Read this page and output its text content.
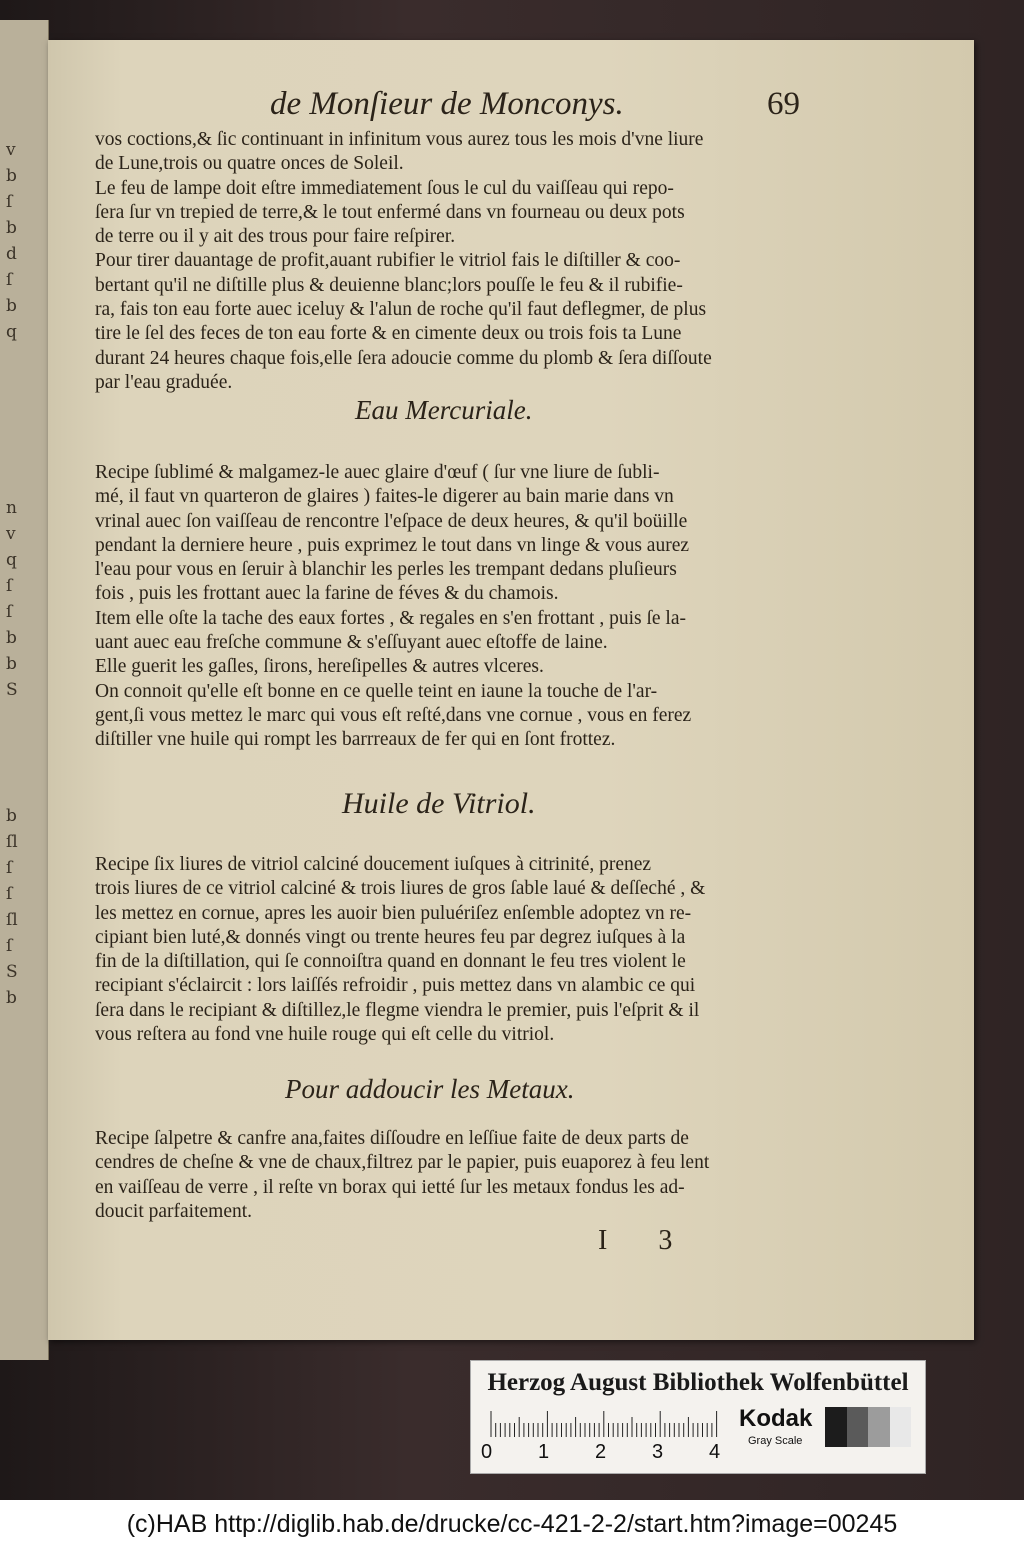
v
b
ſ
b
d
ſ
b
q
n
v
q
ſ
ſ
b
b
S
b
ſl
ſ
ſ
ſl
ſ
S
b
de Monſieur de Monconys.	69

vos coctions,& ſic continuant in infinitum vous aurez tous les mois d'vne liure

de Lune,trois ou quatre onces de Soleil.

Le feu de lampe doit eſtre immediatement ſous le cul du vaiſſeau qui repo-

ſera ſur vn trepied de terre,& le tout enfermé dans vn fourneau ou deux pots

de terre ou il y ait des trous pour faire reſpirer.

Pour tirer dauantage de profit,auant rubifier le vitriol fais le diſtiller & coo-

bertant qu'il ne diſtille plus & deuienne blanc;lors pouſſe le feu & il rubifie-

ra, fais ton eau forte auec iceluy & l'alun de roche qu'il faut deflegmer, de plus

tire le ſel des feces de ton eau forte & en cimente deux ou trois fois ta Lune

durant 24 heures chaque fois,elle ſera adoucie comme du plomb & ſera diſſoute

par l'eau graduée.

Eau Mercuriale.

Recipe ſublimé & malgamez-le auec glaire d'œuf ( ſur vne liure de ſubli-

mé, il faut vn quarteron de glaires ) faites-le digerer au bain marie dans vn

vrinal auec ſon vaiſſeau de rencontre l'eſpace de deux heures, & qu'il boüille

pendant la derniere heure , puis exprimez le tout dans vn linge & vous aurez

l'eau pour vous en ſeruir à blanchir les perles les trempant dedans pluſieurs

fois , puis les frottant auec la farine de féves & du chamois.

Item elle oſte la tache des eaux fortes , & regales en s'en frottant , puis ſe la-

uant auec eau freſche commune & s'eſſuyant auec eſtoffe de laine.

Elle guerit les gaſles, ſirons, hereſipelles & autres vlceres.

On connoit qu'elle eſt bonne en ce quelle teint en iaune la touche de l'ar-

gent,ſi vous mettez le marc qui vous eſt reſté,dans vne cornue , vous en ferez

diſtiller vne huile qui rompt les barrreaux de fer qui en ſont frottez.

Huile de Vitriol.

Recipe ſix liures de vitriol calciné doucement iuſques à citrinité, prenez

trois liures de ce vitriol calciné & trois liures de gros ſable laué & deſſeché , &

les mettez en cornue, apres les auoir bien puluériſez enſemble adoptez vn re-

cipiant bien luté,& donnés vingt ou trente heures feu par degrez iuſques à la

fin de la diſtillation, qui ſe connoiſtra quand en donnant le feu tres violent le

recipiant s'éclaircit : lors laiſſés refroidir , puis mettez dans vn alambic ce qui

ſera dans le recipiant & diſtillez,le flegme viendra le premier, puis l'eſprit & il

vous reſtera au fond vne huile rouge qui eſt celle du vitriol.

Pour addoucir les Metaux.

Recipe ſalpetre & canfre ana,faites diſſoudre en leſſiue faite de deux parts de

cendres de cheſne & vne de chaux,filtrez par le papier, puis euaporez à feu lent

en vaiſſeau de verre , il reſte vn borax qui ietté ſur les metaux fondus les ad-

doucit parfaitement.

I 3
Herzog August Bibliothek Wolfenbüttel
0 1 2 3 4
Kodak
Gray Scale
(c)HAB http://diglib.hab.de/drucke/cc-421-2-2/start.htm?image=00245
